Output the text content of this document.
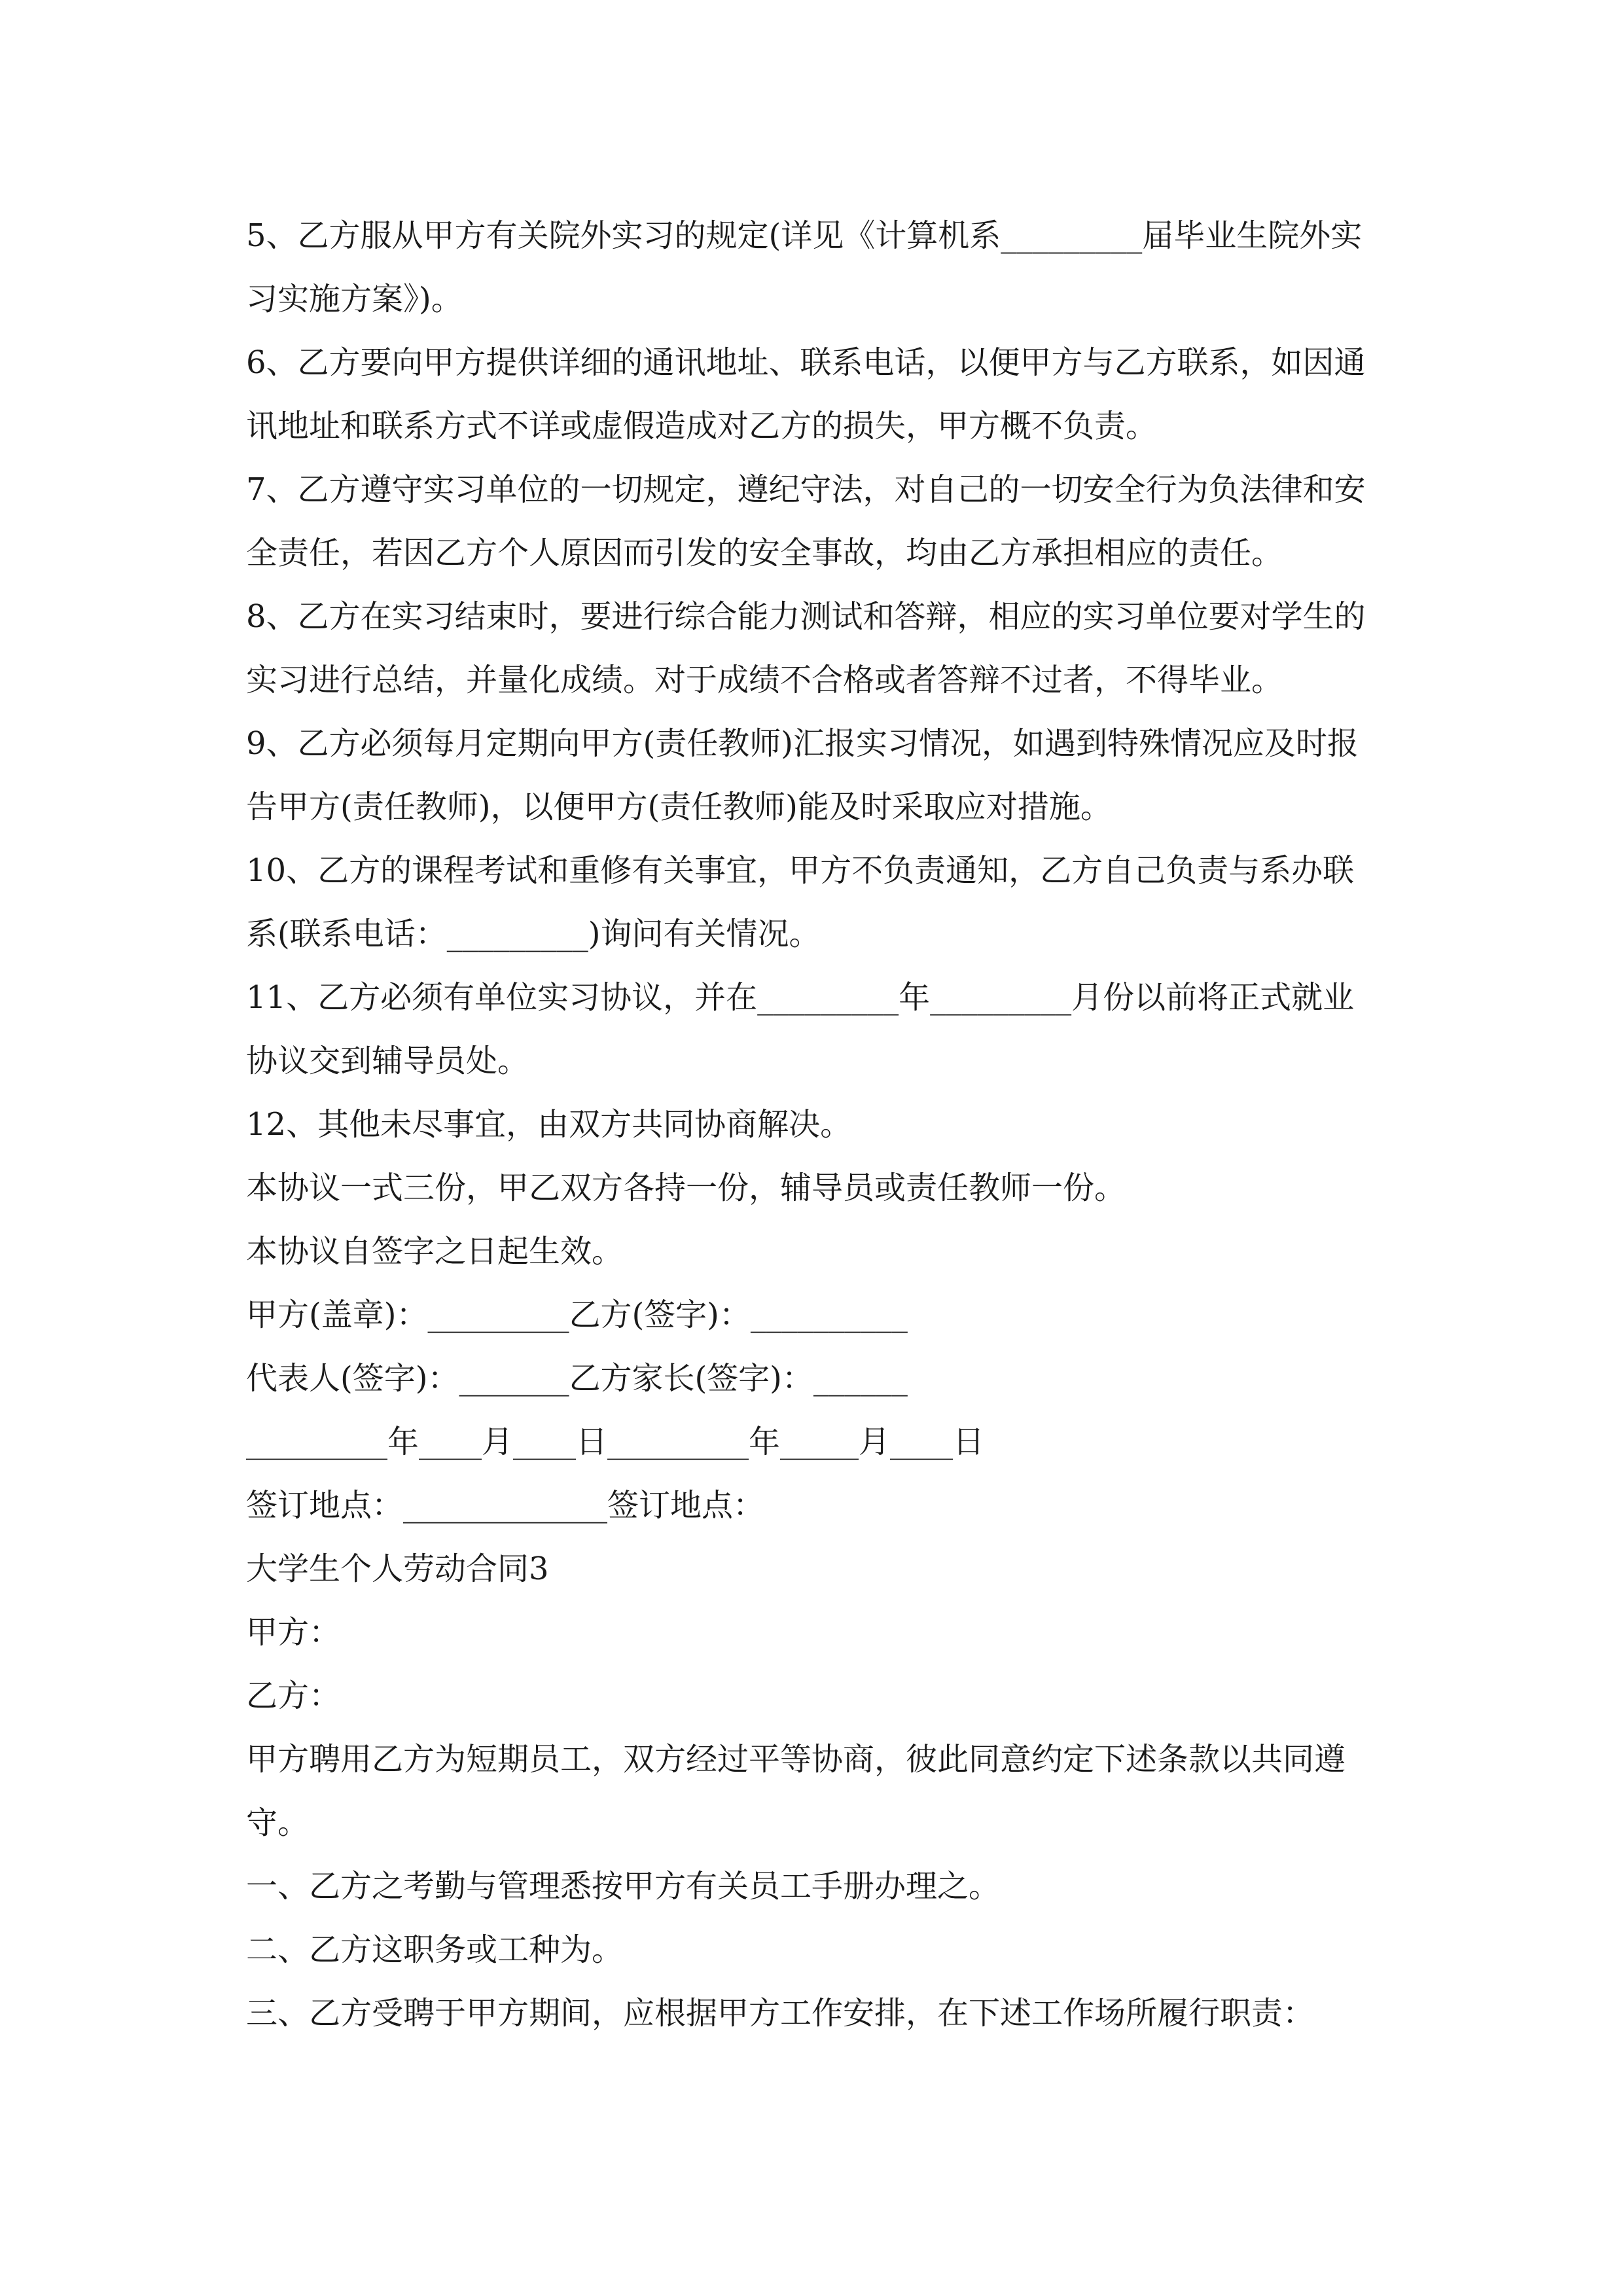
5、乙方服从甲方有关院外实习的规定(详见《计算机系_________届毕业生院外实习实施方案》)。

6、乙方要向甲方提供详细的通讯地址、联系电话，以便甲方与乙方联系，如因通讯地址和联系方式不详或虚假造成对乙方的损失，甲方概不负责。

7、乙方遵守实习单位的一切规定，遵纪守法，对自己的一切安全行为负法律和安全责任，若因乙方个人原因而引发的安全事故，均由乙方承担相应的责任。

8、乙方在实习结束时，要进行综合能力测试和答辩，相应的实习单位要对学生的实习进行总结，并量化成绩。对于成绩不合格或者答辩不过者，不得毕业。

9、乙方必须每月定期向甲方(责任教师)汇报实习情况，如遇到特殊情况应及时报告甲方(责任教师)，以便甲方(责任教师)能及时采取应对措施。

10、乙方的课程考试和重修有关事宜，甲方不负责通知，乙方自己负责与系办联系(联系电话：_________)询问有关情况。

11、乙方必须有单位实习协议，并在_________年_________月份以前将正式就业协议交到辅导员处。

12、其他未尽事宜，由双方共同协商解决。

本协议一式三份，甲乙双方各持一份，辅导员或责任教师一份。

本协议自签字之日起生效。

甲方(盖章)：_________乙方(签字)：__________

代表人(签字)：_______乙方家长(签字)：______

_________年____月____日_________年_____月____日

签订地点：_____________签订地点：

大学生个人劳动合同3

甲方：

乙方：

甲方聘用乙方为短期员工，双方经过平等协商，彼此同意约定下述条款以共同遵守。

一、乙方之考勤与管理悉按甲方有关员工手册办理之。

二、乙方这职务或工种为。

三、乙方受聘于甲方期间，应根据甲方工作安排，在下述工作场所履行职责：
